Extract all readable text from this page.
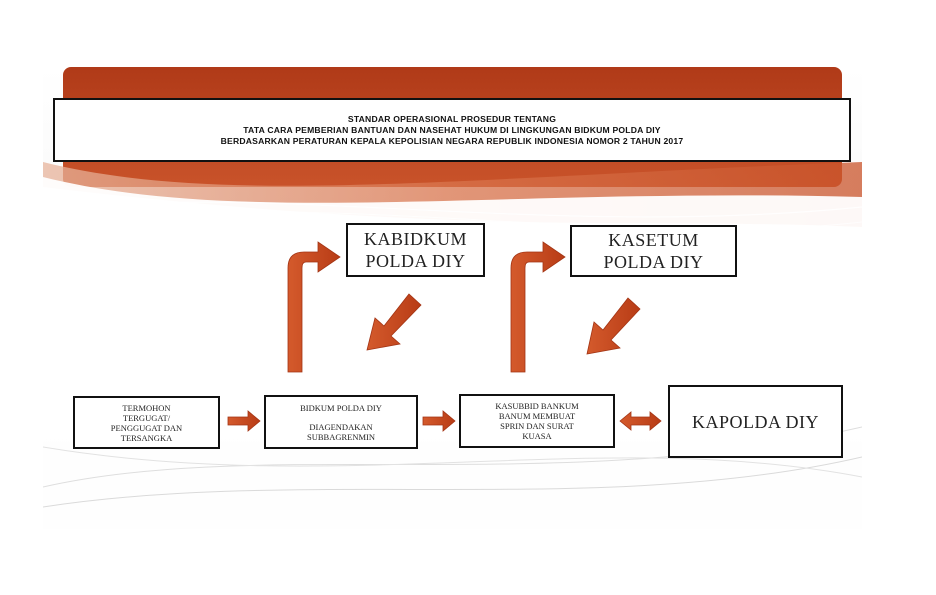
STANDAR OPERASIONAL PROSEDUR TENTANG
TATA CARA PEMBERIAN BANTUAN DAN NASEHAT HUKUM DI LINGKUNGAN BIDKUM POLDA DIY
BERDASARKAN PERATURAN KEPALA KEPOLISIAN NEGARA REPUBLIK INDONESIA NOMOR 2 TAHUN 2017
KABIDKUM
POLDA DIY
KASETUM
POLDA DIY
TERMOHON
TERGUGAT/
PENGGUGAT DAN
TERSANGKA
BIDKUM POLDA DIY
DIAGENDAKAN
SUBBAGRENMIN
KASUBBID BANKUM
BANUM MEMBUAT
SPRIN DAN SURAT
KUASA
KAPOLDA DIY
